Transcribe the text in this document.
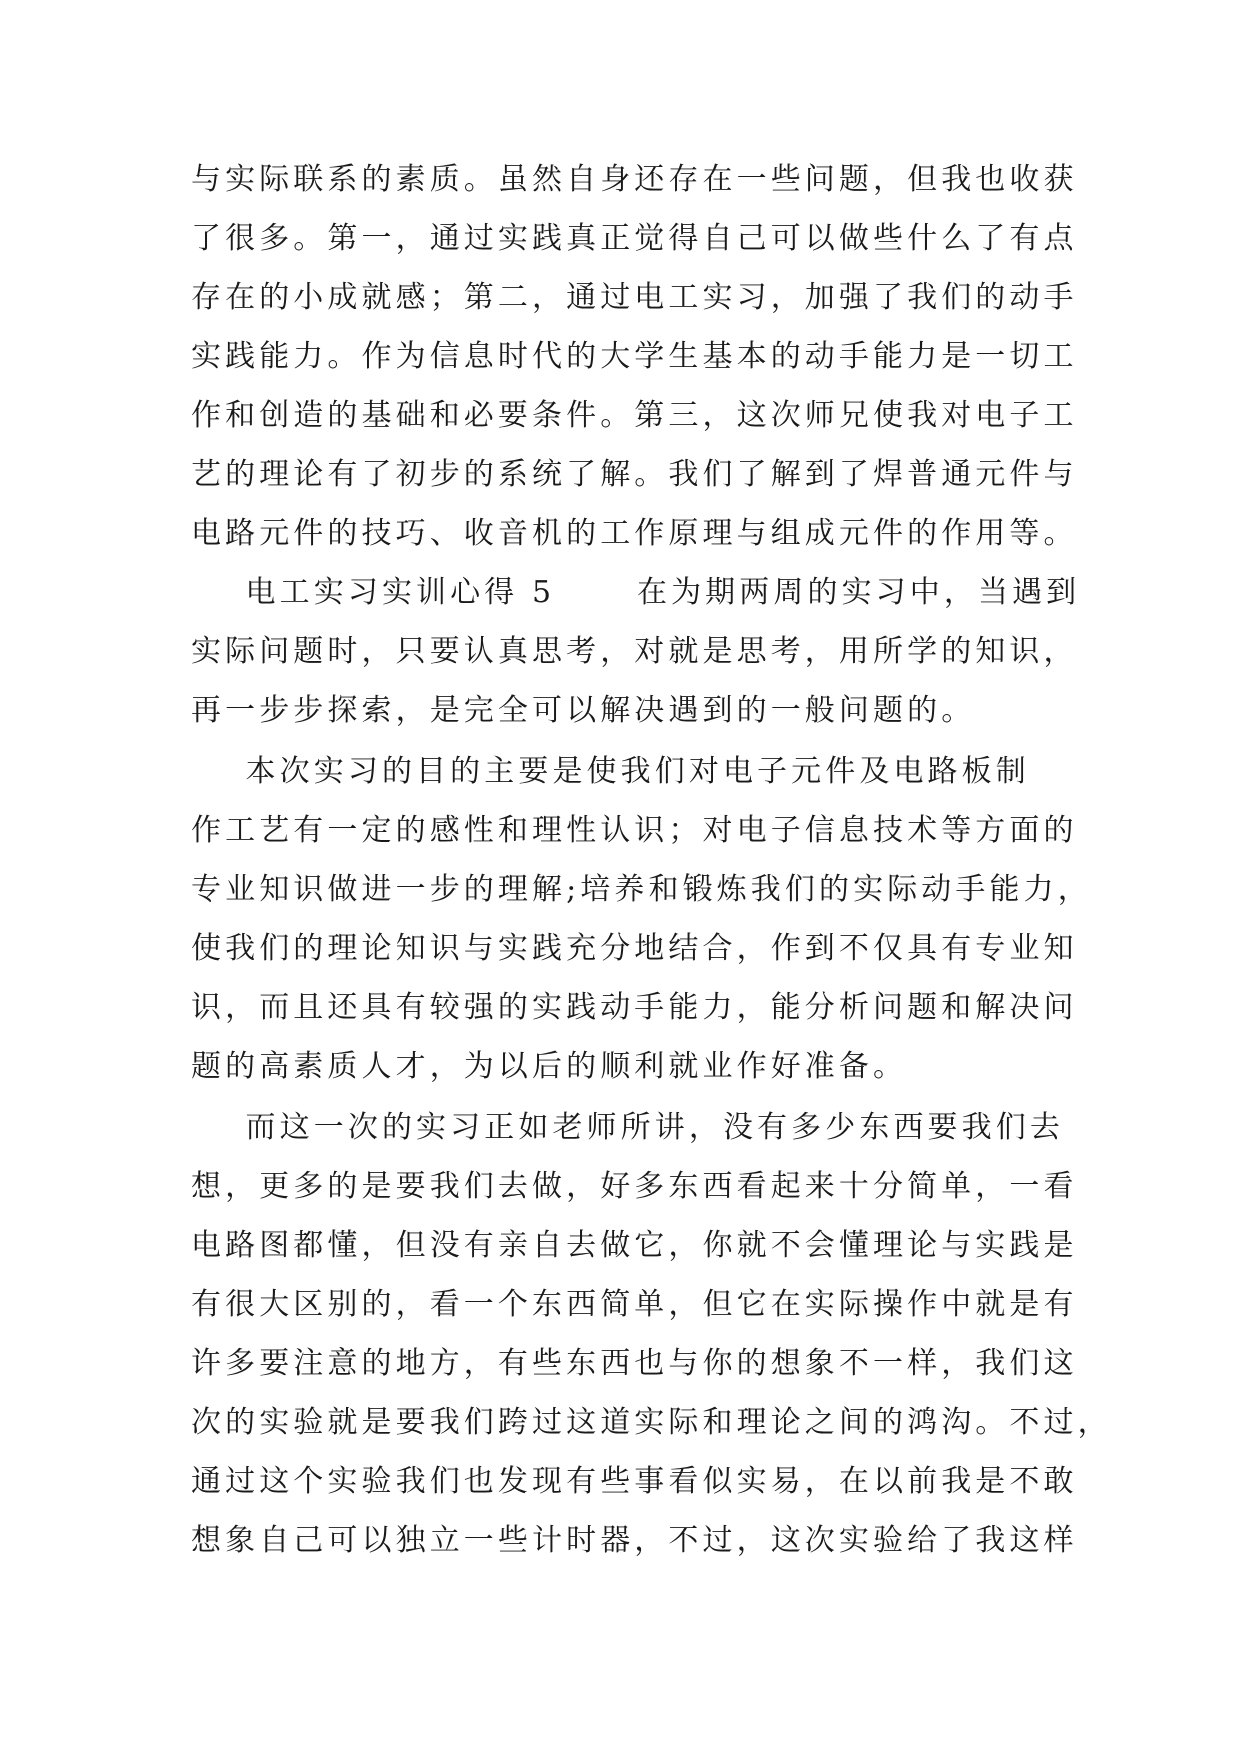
与实际联系的素质。虽然自身还存在一些问题，但我也收获
了很多。第一，通过实践真正觉得自己可以做些什么了有点
存在的小成就感；第二，通过电工实习，加强了我们的动手
实践能力。作为信息时代的大学生基本的动手能力是一切工
作和创造的基础和必要条件。第三，这次师兄使我对电子工
艺的理论有了初步的系统了解。我们了解到了焊普通元件与
电路元件的技巧、收音机的工作原理与组成元件的作用等。
电工实习实训心得 5      在为期两周的实习中，当遇到
实际问题时，只要认真思考，对就是思考，用所学的知识，
再一步步探索，是完全可以解决遇到的一般问题的。
本次实习的目的主要是使我们对电子元件及电路板制
作工艺有一定的感性和理性认识；对电子信息技术等方面的
专业知识做进一步的理解;培养和锻炼我们的实际动手能力，
使我们的理论知识与实践充分地结合，作到不仅具有专业知
识，而且还具有较强的实践动手能力，能分析问题和解决问
题的高素质人才，为以后的顺利就业作好准备。
而这一次的实习正如老师所讲，没有多少东西要我们去
想，更多的是要我们去做，好多东西看起来十分简单，一看
电路图都懂，但没有亲自去做它，你就不会懂理论与实践是
有很大区别的，看一个东西简单，但它在实际操作中就是有
许多要注意的地方，有些东西也与你的想象不一样，我们这
次的实验就是要我们跨过这道实际和理论之间的鸿沟。不过，
通过这个实验我们也发现有些事看似实易，在以前我是不敢
想象自己可以独立一些计时器，不过，这次实验给了我这样
